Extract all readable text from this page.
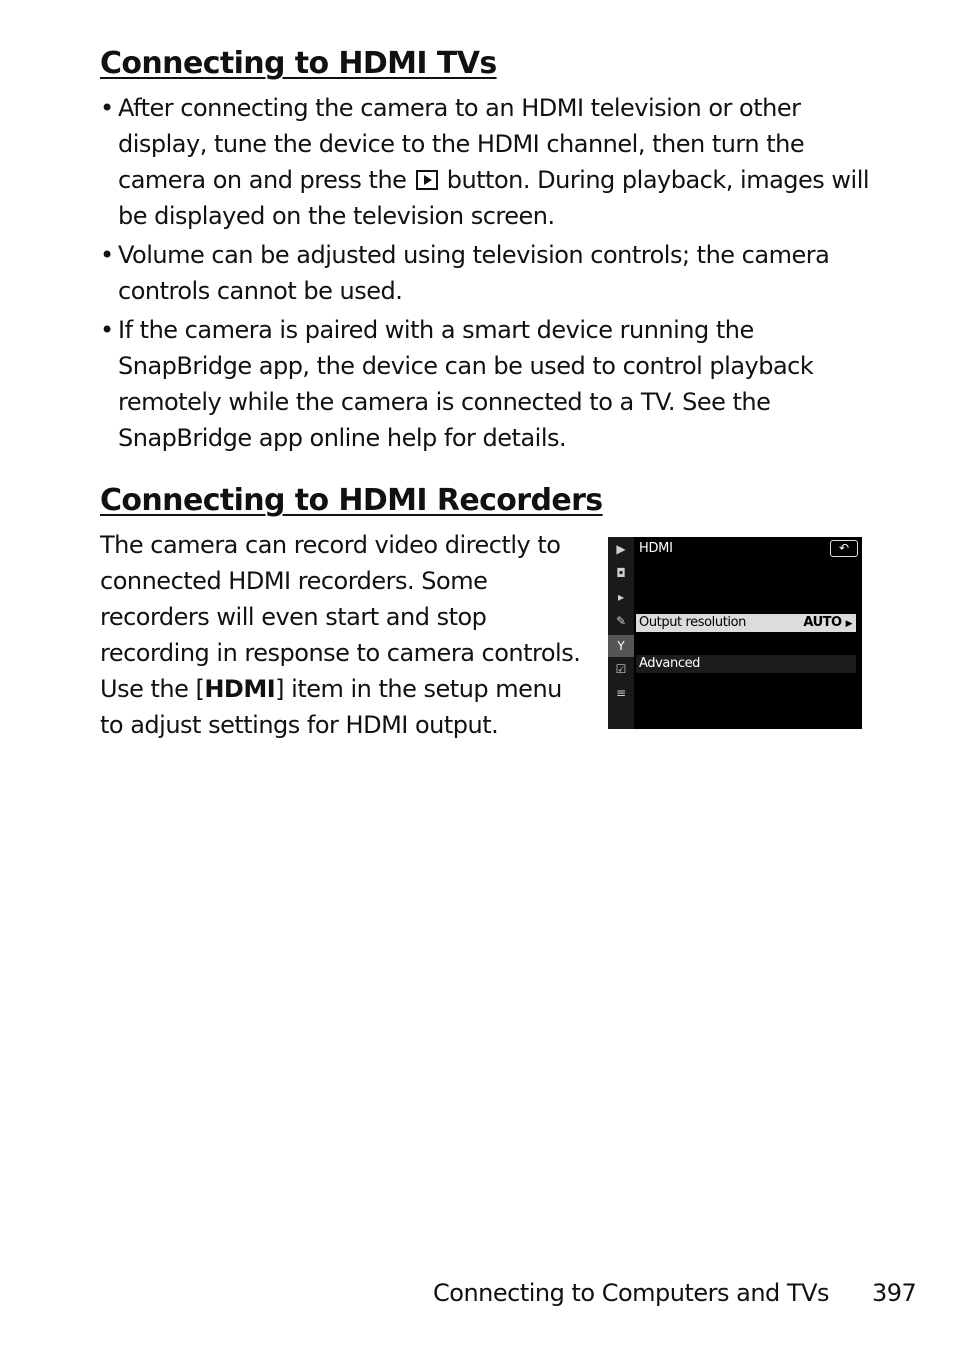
Connecting to HDMI TVs
• After connecting the camera to an HDMI television or other display, tune the device to the HDMI channel, then turn the camera on and press the button. During playback, images will be displayed on the television screen.
• Volume can be adjusted using television controls; the camera controls cannot be used.
• If the camera is paired with a smart device running the SnapBridge app, the device can be used to control playback remotely while the camera is connected to a TV. See the SnapBridge app online help for details.
Connecting to HDMI Recorders

The camera can record video directly to connected HDMI recorders. Some recorders will even start and stop recording in response to camera controls. Use the [HDMI] item in the setup menu to adjust settings for HDMI output.

▶
◘
▸
✎
Y
☑
≡
HDMI	↶
Output resolution	AUTO ▶
Advanced
Connecting to Computers and TVs 397
